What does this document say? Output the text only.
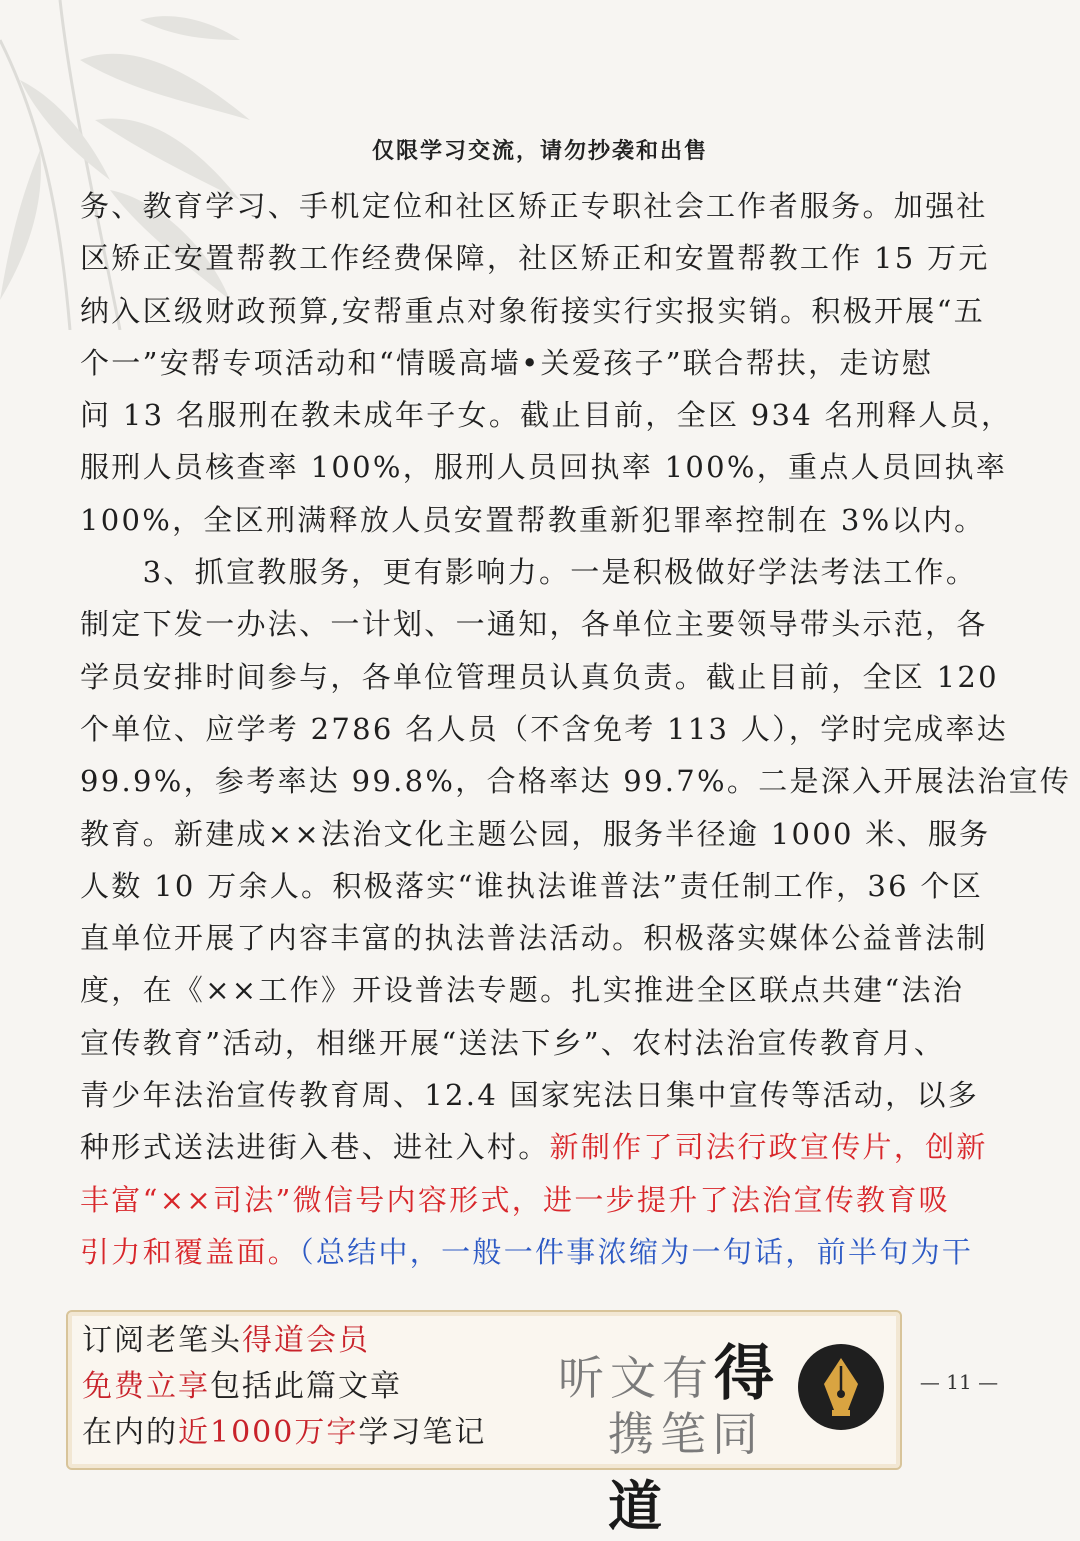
仅限学习交流，请勿抄袭和出售
务、教育学习、手机定位和社区矫正专职社会工作者服务。加强社
区矫正安置帮教工作经费保障，社区矫正和安置帮教工作 15 万元
纳入区级财政预算,安帮重点对象衔接实行实报实销。积极开展“五
个一”安帮专项活动和“情暖高墙•关爱孩子”联合帮扶，走访慰
问 13 名服刑在教未成年子女。截止目前，全区 934 名刑释人员，
服刑人员核查率 100%，服刑人员回执率 100%，重点人员回执率
100%，全区刑满释放人员安置帮教重新犯罪率控制在 3%以内。
　　3、抓宣教服务，更有影响力。一是积极做好学法考法工作。
制定下发一办法、一计划、一通知，各单位主要领导带头示范，各
学员安排时间参与，各单位管理员认真负责。截止目前，全区 120
个单位、应学考 2786 名人员（不含免考 113 人），学时完成率达
99.9%，参考率达 99.8%，合格率达 99.7%。二是深入开展法治宣传
教育。新建成××法治文化主题公园，服务半径逾 1000 米、服务
人数 10 万余人。积极落实“谁执法谁普法”责任制工作，36 个区
直单位开展了内容丰富的执法普法活动。积极落实媒体公益普法制
度，在《××工作》开设普法专题。扎实推进全区联点共建“法治
宣传教育”活动，相继开展“送法下乡”、农村法治宣传教育月、
青少年法治宣传教育周、12.4 国家宪法日集中宣传等活动，以多
种形式送法进街入巷、进社入村。新制作了司法行政宣传片，创新
丰富“××司法”微信号内容形式，进一步提升了法治宣传教育吸
引力和覆盖面。（总结中，一般一件事浓缩为一句话，前半句为干
订阅老笔头得道会员
免费立享包括此篇文章
在内的近1000万字学习笔记
听文有得
携笔同道
— 11 —
